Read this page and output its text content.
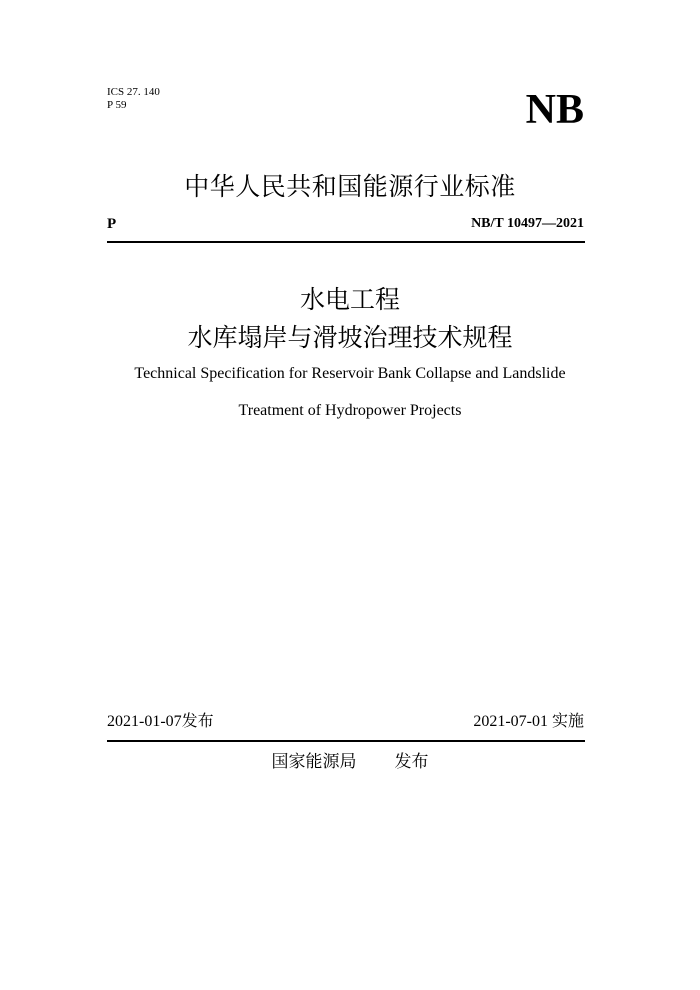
ICS 27. 140
P 59	NB
中华人民共和国能源行业标准
P	NB/T 10497—2021
水电工程
水库塌岸与滑坡治理技术规程
Technical Specification for Reservoir Bank Collapse and Landslide
Treatment of Hydropower Projects
2021-01-07发布	2021-07-01 实施
国家能源局 发布
